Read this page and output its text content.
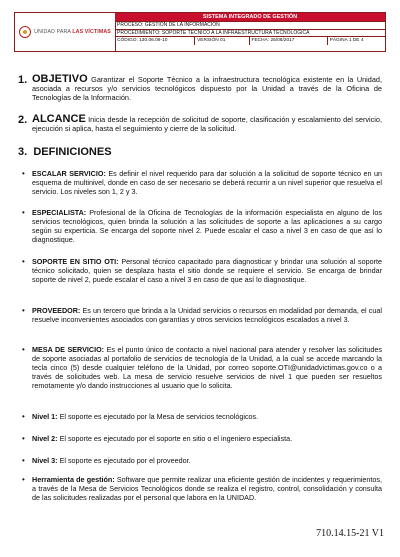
UNIDAD PARA LAS VÍCTIMAS
SISTEMA INTEGRADO DE GESTIÓN
PROCESO: GESTIÓN DE LA INFORMACIÓN
PROCEDIMIENTO: SOPORTE TÉCNICO A LA INFRAESTRUCTURA TECNOLÓGICA
CÓDIGO: 130.06.08-10	VERSIÓN 01	FECHA: 25/08/2017	PÁGINA 1 DE 4
1. OBJETIVO Garantizar el Soporte Técnico a la infraestructura tecnológica existente en la Unidad, asociada a recursos y/o servicios tecnológicos dispuesto por la Unidad a través de la Oficina de Tecnologías de la Información.
2. ALCANCE Inicia desde la recepción de solicitud de soporte, clasificación y escalamiento del servicio, ejecución si aplica, hasta el seguimiento y cierre de la solicitud.
3. DEFINICIONES
• ESCALAR SERVICIO: Es definir el nivel requerido para dar solución a la solicitud de soporte técnico en un esquema de multinivel, donde en caso de ser necesario se deberá recurrir a un nivel superior que resuelva el servicio. Los niveles son 1, 2 y 3.
• ESPECIALISTA: Profesional de la Oficina de Tecnologías de la información especialista en alguno de los servicios tecnológicos, quien brinda la solución a las solicitudes de soporte a las aplicaciones a su cargo según su experticia. Se encarga del soporte nivel 2. Puede escalar el caso a nivel 3 en caso de que así lo diagnostique.
• SOPORTE EN SITIO OTI: Personal técnico capacitado para diagnosticar y brindar una solución al soporte técnico solicitado, quien se desplaza hasta el sitio donde se requiere el servicio. Se encarga de brindar soporte de nivel 2, puede escalar el caso a nivel 3 en caso de que así lo diagnostique.
• PROVEEDOR: Es un tercero que brinda a la Unidad servicios o recursos en modalidad por demanda, el cual resuelve inconvenientes asociados con garantías y otros servicios tecnológicos escalados a nivel 3.
• MESA DE SERVICIO: Es el punto único de contacto a nivel nacional para atender y resolver las solicitudes de soporte asociadas al portafolio de servicios de tecnología de la Unidad, a la cual se accede marcando la tecla cinco (5) desde cualquier teléfono de la Unidad, por correo soporte.OTI@unidadvictimas.gov.co o a través de solicitudes web. La mesa de servicio resuelve servicios de nivel 1 que pueden ser resueltos remotamente y/o dando instrucciones al usuario que lo solicita.
• Nivel 1: El soporte es ejecutado por la Mesa de servicios tecnológicos.
• Nivel 2: El soporte es ejecutado por el soporte en sitio o el ingeniero especialista.
• Nivel 3: El soporte es ejecutado por el proveedor.
• Herramienta de gestión: Software que permite realizar una eficiente gestión de incidentes y requerimientos, a través de la Mesa de Servicios Tecnológicos donde se realiza el registro, control, consolidación y consulta de las solicitudes realizadas por el personal que labora en la UNIDAD.
710.14.15-21 V1
